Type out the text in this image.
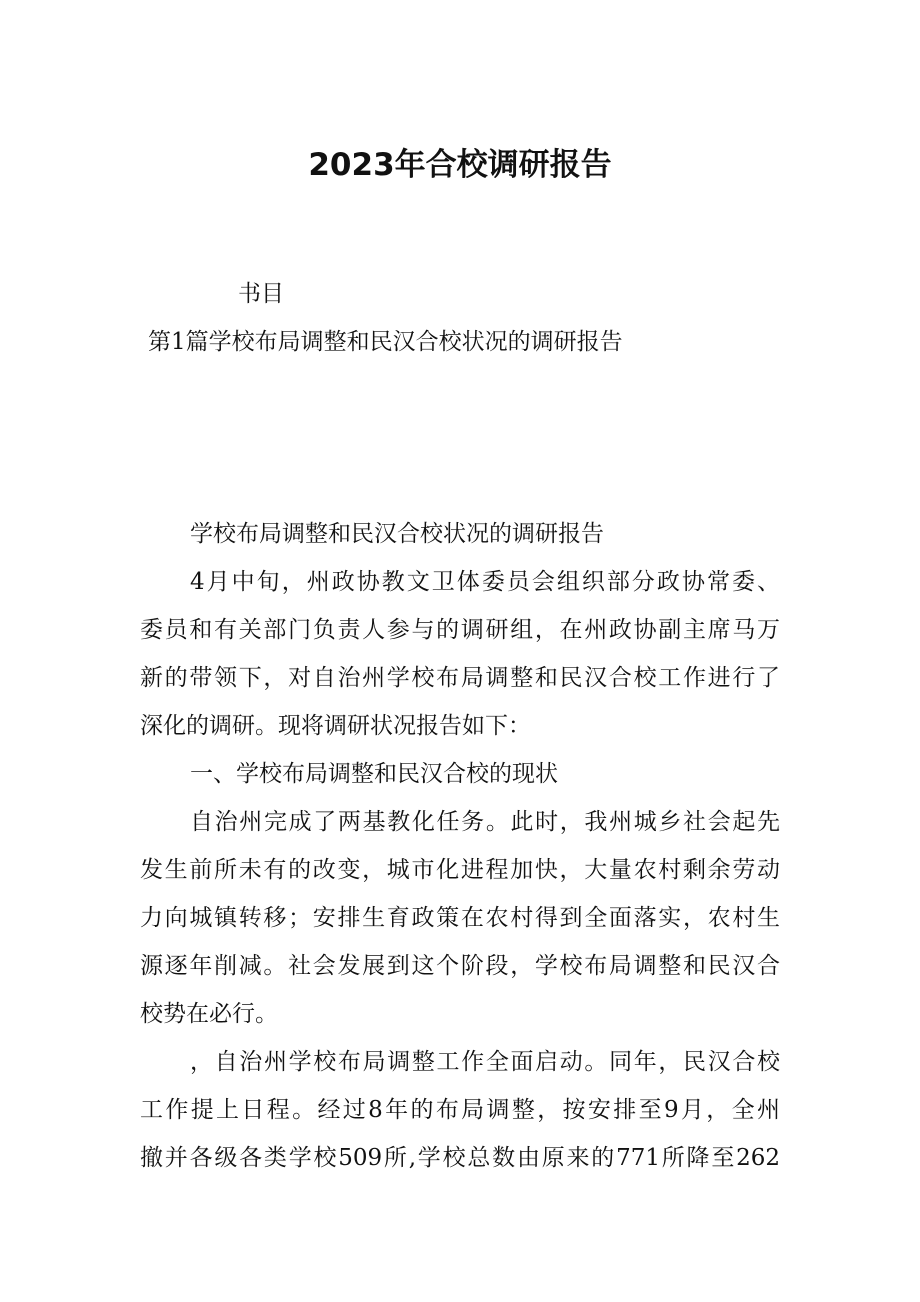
2023年合校调研报告
书目
第1篇学校布局调整和民汉合校状况的调研报告
学校布局调整和民汉合校状况的调研报告
4月中旬，州政协教文卫体委员会组织部分政协常委、
委员和有关部门负责人参与的调研组，在州政协副主席马万
新的带领下，对自治州学校布局调整和民汉合校工作进行了
深化的调研。现将调研状况报告如下：
一、学校布局调整和民汉合校的现状
自治州完成了两基教化任务。此时，我州城乡社会起先
发生前所未有的改变，城市化进程加快，大量农村剩余劳动
力向城镇转移；安排生育政策在农村得到全面落实，农村生
源逐年削减。社会发展到这个阶段，学校布局调整和民汉合
校势在必行。
，自治州学校布局调整工作全面启动。同年，民汉合校
工作提上日程。经过8年的布局调整，按安排至9月，全州
撤并各级各类学校509所,学校总数由原来的771所降至262
